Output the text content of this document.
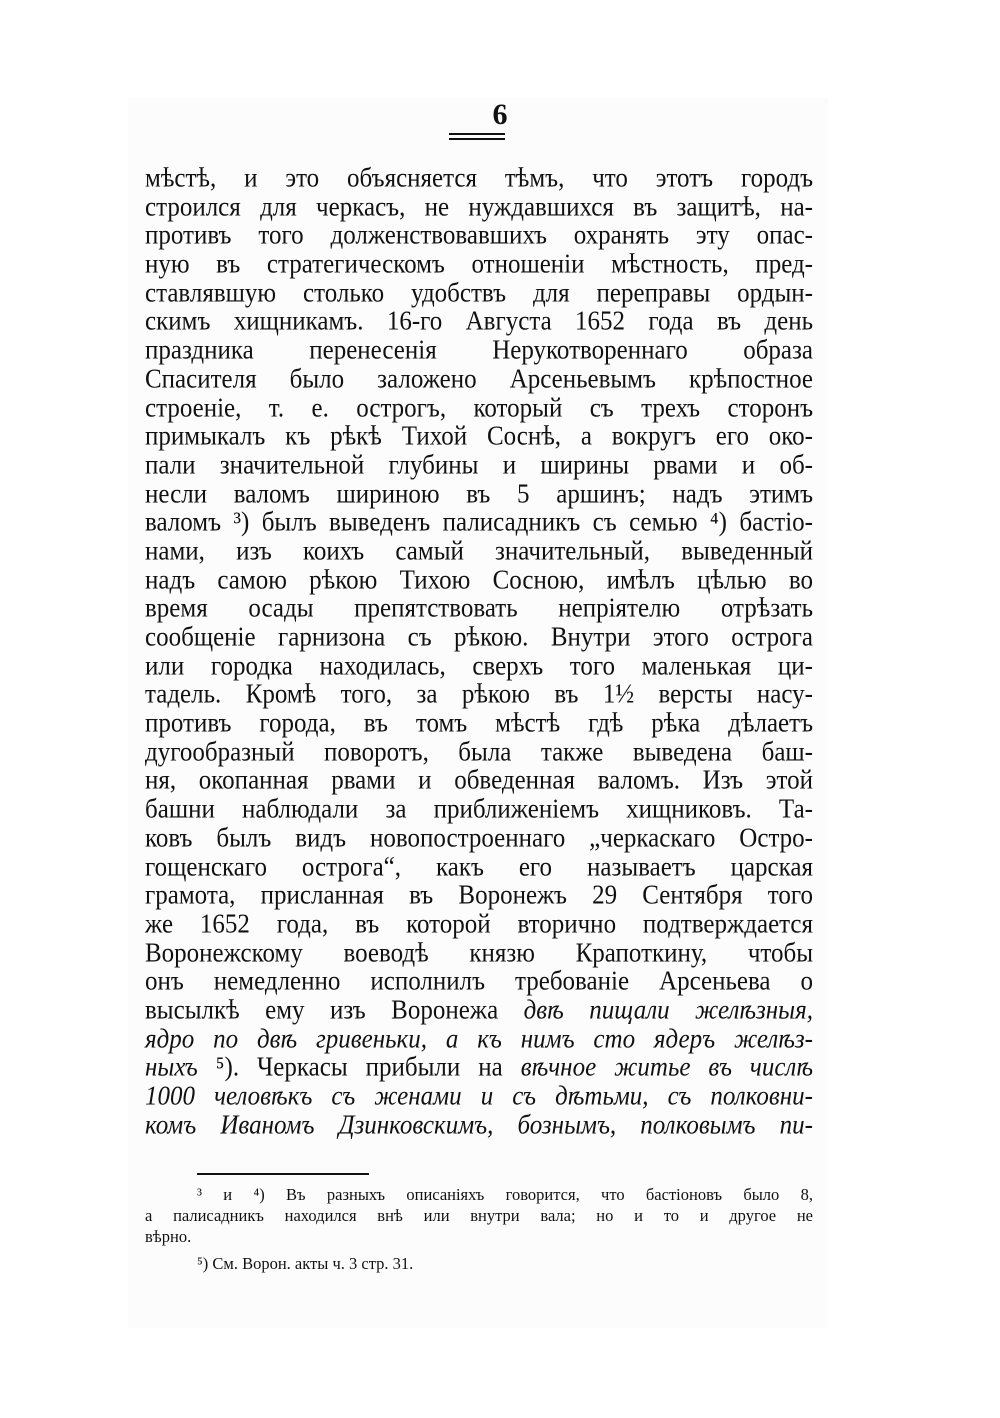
6
мѣстѣ, и это объясняется тѣмъ, что этотъ городъ
строился для черкасъ, не нуждавшихся въ защитѣ, на-
противъ того долженствовавшихъ охранять эту опас-
ную въ стратегическомъ отношеніи мѣстность, пред-
ставлявшую столько удобствъ для переправы ордын-
скимъ хищникамъ. 16-го Августа 1652 года въ день
праздника перенесенія Нерукотвореннаго образа
Спасителя было заложено Арсеньевымъ крѣпостное
строеніе, т. е. острогъ, который съ трехъ сторонъ
примыкалъ къ рѣкѣ Тихой Соснѣ, а вокругъ его око-
пали значительной глубины и ширины рвами и об-
несли валомъ шириною въ 5 аршинъ; надъ этимъ
валомъ ³) былъ выведенъ палисадникъ съ семью ⁴) бастіо-
нами, изъ коихъ самый значительный, выведенный
надъ самою рѣкою Тихою Сосною, имѣлъ цѣлью во
время осады препятствовать непріятелю отрѣзать
сообщеніе гарнизона съ рѣкою. Внутри этого острога
или городка находилась, сверхъ того маленькая ци-
тадель. Кромѣ того, за рѣкою въ 1½ версты насу-
противъ города, въ томъ мѣстѣ гдѣ рѣка дѣлаетъ
дугообразный поворотъ, была также выведена баш-
ня, окопанная рвами и обведенная валомъ. Изъ этой
башни наблюдали за приближеніемъ хищниковъ. Та-
ковъ былъ видъ новопостроеннаго „черкаскаго Остро-
гощенскаго острога“, какъ его называетъ царская
грамота, присланная въ Воронежъ 29 Сентября того
же 1652 года, въ которой вторично подтверждается
Воронежскому воеводѣ князю Крапоткину, чтобы
онъ немедленно исполнилъ требованіе Арсеньева о
высылкѣ ему изъ Воронежа двѣ пищали желѣзныя,
ядро по двѣ гривеньки, а къ нимъ сто ядеръ желѣз-
ныхъ ⁵). Черкасы прибыли на вѣчное житье въ числѣ
1000 человѣкъ съ женами и съ дѣтьми, съ полковни-
комъ Иваномъ Дзинковскимъ, бознымъ, полковымъ пи-
³ и ⁴) Въ разныхъ описаніяхъ говорится, что бастіоновъ было 8,
а палисадникъ находился внѣ или внутри вала; но и то и другое не
вѣрно.
⁵) См. Ворон. акты ч. 3 стр. 31.
